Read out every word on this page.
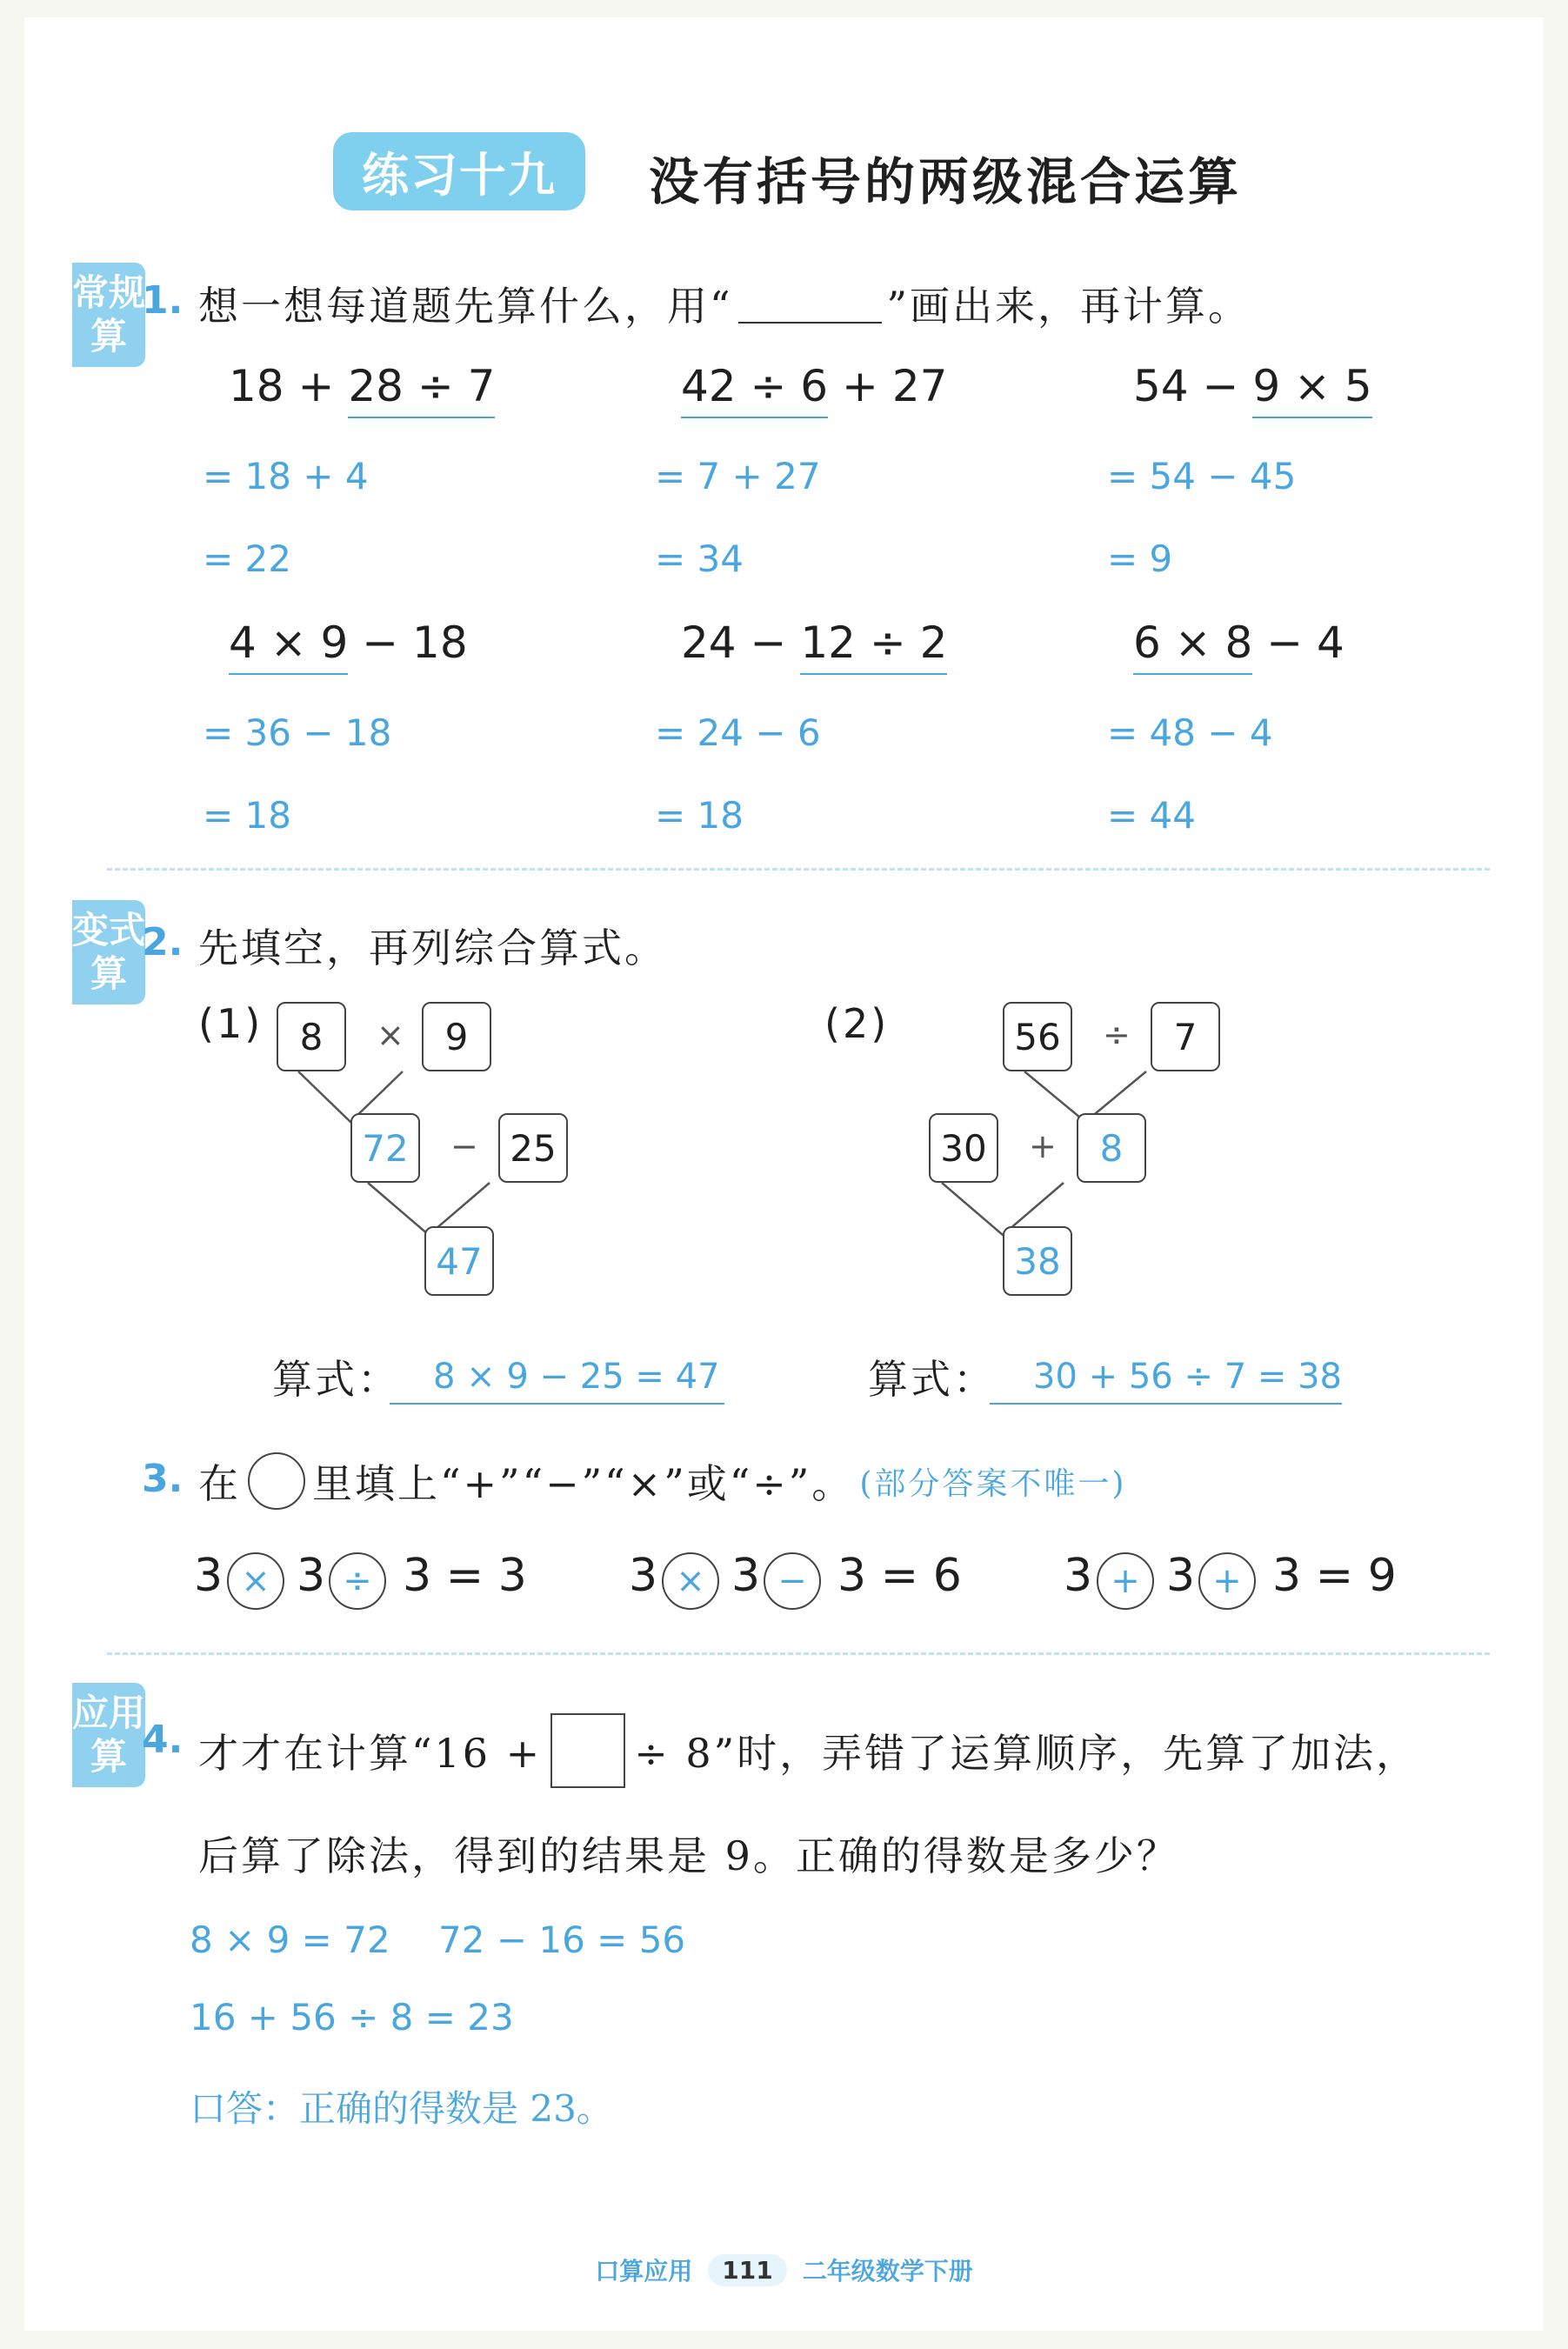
练习十九	没有括号的两级混合运算
常规算
变式算
应用算
1. 想一想每道题先算什么，用“	”画出来，再计算。
18 + 28 ÷ 7
= 18 + 4
= 22
42 ÷ 6 + 27
= 7 + 27
= 34
54 − 9 × 5
= 54 − 45
= 9
4 × 9 − 18
= 36 − 18
= 18
24 − 12 ÷ 2
= 24 − 6
= 18
6 × 8 − 4
= 48 − 4
= 44
2. 先填空，再列综合算式。
(1)	8	×	9
72	− 25
47
算式： 8 × 9 − 25 = 47
(2)	56	÷	7
30	+	8
38
算式： 30 + 56 ÷ 7 = 38
3. 在 里填上“+”“−”“×”或“÷”。 (部分答案不唯一)
3 × 3 ÷ 3 = 3 3 × 3 − 3 = 6 3 + 3 + 3 = 9
4. 才才在计算“16 + ÷ 8”时，弄错了运算顺序，先算了加法，
后算了除法，得到的结果是 9。正确的得数是多少？
8 × 9 = 72　 72 − 16 = 56
16 + 56 ÷ 8 = 23
口答：正确的得数是 23。
口算应用	111	二年级数学下册
